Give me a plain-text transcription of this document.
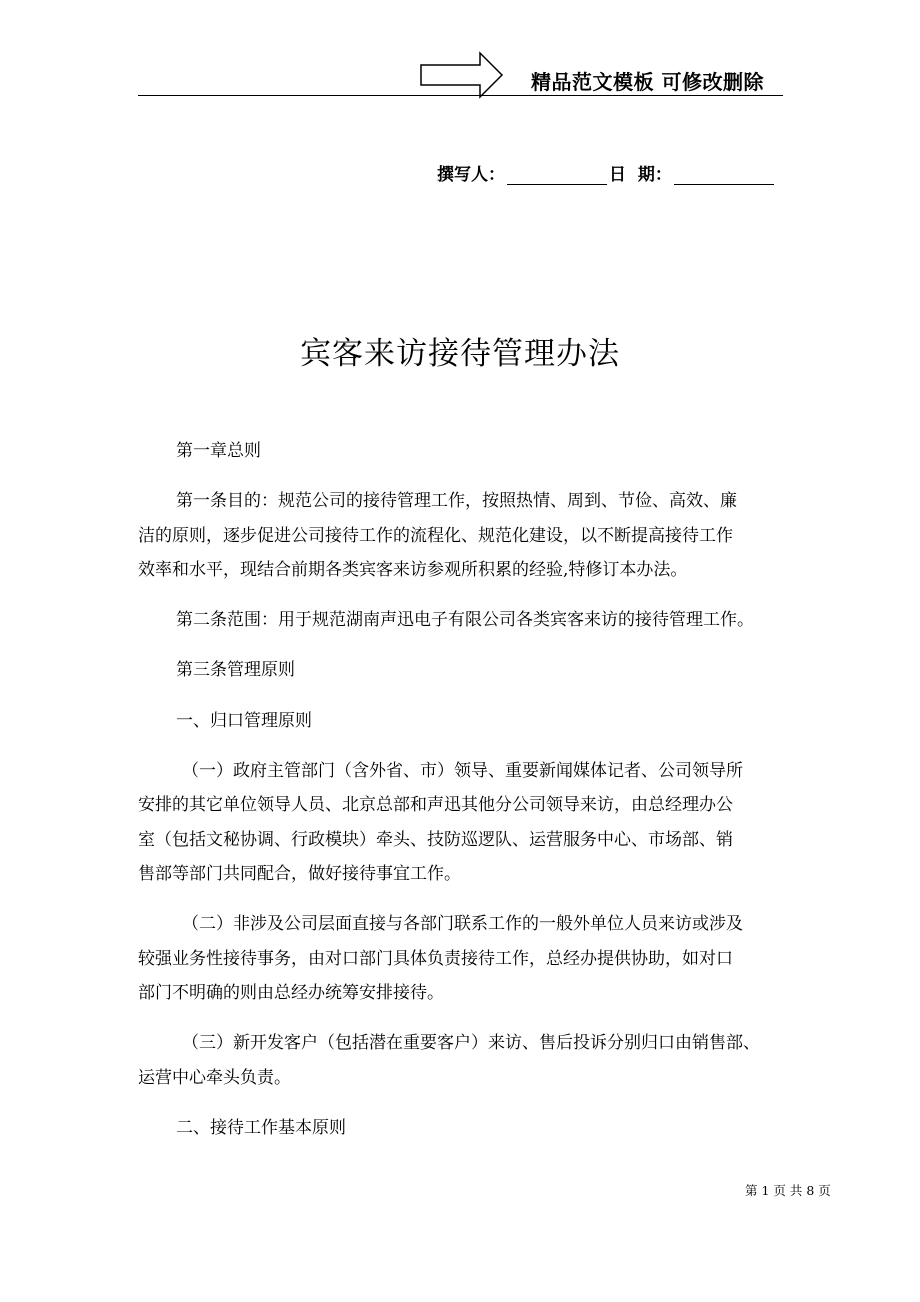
精品范文模板 可修改删除
撰写人：	日  期：
宾客来访接待管理办法
第一章总则
第一条目的：规范公司的接待管理工作，按照热情、周到、节俭、高效、廉
洁的原则，逐步促进公司接待工作的流程化、规范化建设，以不断提高接待工作
效率和水平，现结合前期各类宾客来访参观所积累的经验,特修订本办法。
第二条范围：用于规范湖南声迅电子有限公司各类宾客来访的接待管理工作。
第三条管理原则
一、归口管理原则
（一）政府主管部门（含外省、市）领导、重要新闻媒体记者、公司领导所
安排的其它单位领导人员、北京总部和声迅其他分公司领导来访，由总经理办公
室（包括文秘协调、行政模块）牵头、技防巡逻队、运营服务中心、市场部、销
售部等部门共同配合，做好接待事宜工作。
（二）非涉及公司层面直接与各部门联系工作的一般外单位人员来访或涉及
较强业务性接待事务，由对口部门具体负责接待工作，总经办提供协助，如对口
部门不明确的则由总经办统筹安排接待。
（三）新开发客户（包括潜在重要客户）来访、售后投诉分别归口由销售部、
运营中心牵头负责。
二、接待工作基本原则
第 1 页 共 8 页
